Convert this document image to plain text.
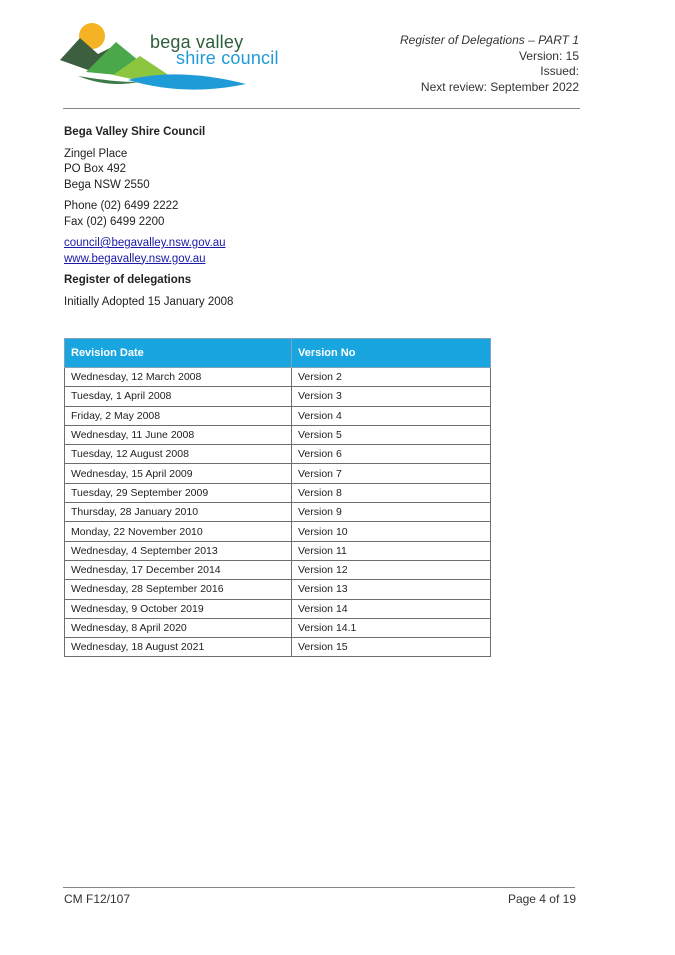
bega valley
shire council
Register of Delegations – PART 1
Version: 15
Issued:
Next review: September 2022

Bega Valley Shire Council

Zingel Place

PO Box 492

Bega NSW 2550

Phone (02) 6499 2222

Fax (02) 6499 2200

council@begavalley.nsw.gov.au
www.begavalley.nsw.gov.au

Register of delegations

Initially Adopted 15 January 2008

Revision Date	Version No
Wednesday, 12 March 2008	Version 2
Tuesday, 1 April 2008	Version 3
Friday, 2 May 2008	Version 4
Wednesday, 11 June 2008	Version 5
Tuesday, 12 August 2008	Version 6
Wednesday, 15 April 2009	Version 7
Tuesday, 29 September 2009	Version 8
Thursday, 28 January 2010	Version 9
Monday, 22 November 2010	Version 10
Wednesday, 4 September 2013	Version 11
Wednesday, 17 December 2014	Version 12
Wednesday, 28 September 2016	Version 13
Wednesday, 9 October 2019	Version 14
Wednesday, 8 April 2020	Version 14.1
Wednesday, 18 August 2021	Version 15
CM F12/107	Page 4 of 19
